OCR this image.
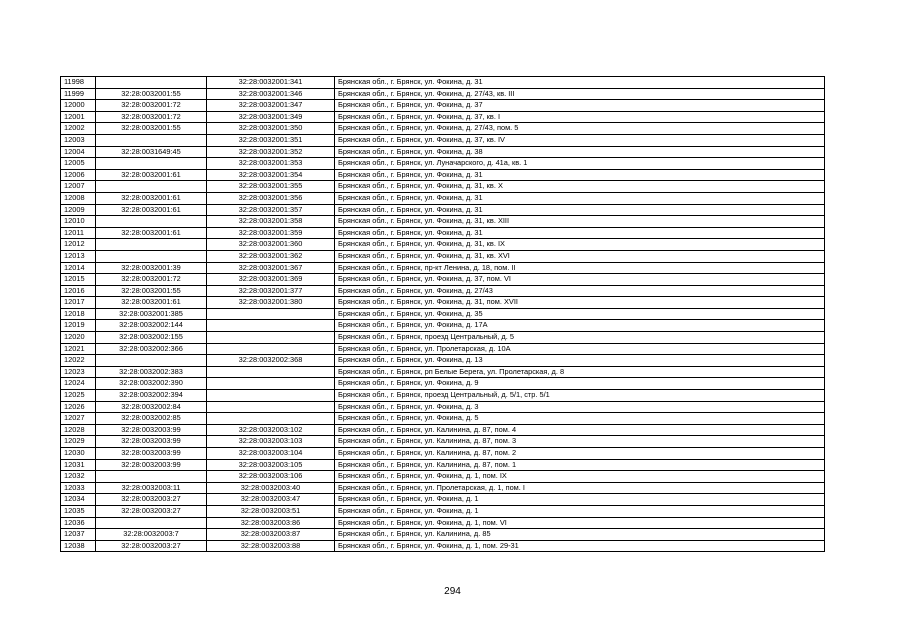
11998		32:28:0032001:341	Брянская обл., г. Брянск, ул. Фокина, д. 31
11999	32:28:0032001:55	32:28:0032001:346	Брянская обл., г. Брянск, ул. Фокина, д. 27/43, кв. III
12000	32:28:0032001:72	32:28:0032001:347	Брянская обл., г. Брянск, ул. Фокина, д. 37
12001	32:28:0032001:72	32:28:0032001:349	Брянская обл., г. Брянск, ул. Фокина, д. 37, кв. I
12002	32:28:0032001:55	32:28:0032001:350	Брянская обл., г. Брянск, ул. Фокина, д. 27/43, пом. 5
12003		32:28:0032001:351	Брянская обл., г. Брянск, ул. Фокина, д. 37, кв. IV
12004	32:28:0031649:45	32:28:0032001:352	Брянская обл., г. Брянск, ул. Фокина, д. 38
12005		32:28:0032001:353	Брянская обл., г. Брянск, ул. Луначарского, д. 41а, кв. 1
12006	32:28:0032001:61	32:28:0032001:354	Брянская обл., г. Брянск, ул. Фокина, д. 31
12007		32:28:0032001:355	Брянская обл., г. Брянск, ул. Фокина, д. 31, кв. X
12008	32:28:0032001:61	32:28:0032001:356	Брянская обл., г. Брянск, ул. Фокина, д. 31
12009	32:28:0032001:61	32:28:0032001:357	Брянская обл., г. Брянск, ул. Фокина, д. 31
12010		32:28:0032001:358	Брянская обл., г. Брянск, ул. Фокина, д. 31, кв. XIII
12011	32:28:0032001:61	32:28:0032001:359	Брянская обл., г. Брянск, ул. Фокина, д. 31
12012		32:28:0032001:360	Брянская обл., г. Брянск, ул. Фокина, д. 31, кв. IX
12013		32:28:0032001:362	Брянская обл., г. Брянск, ул. Фокина, д. 31, кв. XVI
12014	32:28:0032001:39	32:28:0032001:367	Брянская обл., г. Брянск, пр-кт Ленина, д. 18, пом. II
12015	32:28:0032001:72	32:28:0032001:369	Брянская обл., г. Брянск, ул. Фокина, д. 37, пом. VI
12016	32:28:0032001:55	32:28:0032001:377	Брянская обл., г. Брянск, ул. Фокина, д. 27/43
12017	32:28:0032001:61	32:28:0032001:380	Брянская обл., г. Брянск, ул. Фокина, д. 31, пом. XVII
12018	32:28:0032001:385		Брянская обл., г. Брянск, ул. Фокина, д. 35
12019	32:28:0032002:144		Брянская обл., г. Брянск, ул. Фокина, д. 17А
12020	32:28:0032002:155		Брянская обл., г. Брянск, проезд Центральный, д. 5
12021	32:28:0032002:366		Брянская обл., г. Брянск, ул. Пролетарская, д. 10А
12022		32:28:0032002:368	Брянская обл., г. Брянск, ул. Фокина, д. 13
12023	32:28:0032002:383		Брянская обл., г. Брянск, рп Белые Берега, ул. Пролетарская, д. 8
12024	32:28:0032002:390		Брянская обл., г. Брянск, ул. Фокина, д. 9
12025	32:28:0032002:394		Брянская обл., г. Брянск, проезд Центральный, д. 5/1, стр. 5/1
12026	32:28:0032002:84		Брянская обл., г. Брянск, ул. Фокина, д. 3
12027	32:28:0032002:85		Брянская обл., г. Брянск, ул. Фокина, д. 5
12028	32:28:0032003:99	32:28:0032003:102	Брянская обл., г. Брянск, ул. Калинина, д. 87, пом. 4
12029	32:28:0032003:99	32:28:0032003:103	Брянская обл., г. Брянск, ул. Калинина, д. 87, пом. 3
12030	32:28:0032003:99	32:28:0032003:104	Брянская обл., г. Брянск, ул. Калинина, д. 87, пом. 2
12031	32:28:0032003:99	32:28:0032003:105	Брянская обл., г. Брянск, ул. Калинина, д. 87, пом. 1
12032		32:28:0032003:106	Брянская обл., г. Брянск, ул. Фокина, д. 1, пом. IX
12033	32:28:0032003:11	32:28:0032003:40	Брянская обл., г. Брянск, ул. Пролетарская, д. 1, пом. I
12034	32:28:0032003:27	32:28:0032003:47	Брянская обл., г. Брянск, ул. Фокина, д. 1
12035	32:28:0032003:27	32:28:0032003:51	Брянская обл., г. Брянск, ул. Фокина, д. 1
12036		32:28:0032003:86	Брянская обл., г. Брянск, ул. Фокина, д. 1, пом. VI
12037	32:28:0032003:7	32:28:0032003:87	Брянская обл., г. Брянск, ул. Калинина, д. 85
12038	32:28:0032003:27	32:28:0032003:88	Брянская обл., г. Брянск, ул. Фокина, д. 1, пом. 29-31
294
